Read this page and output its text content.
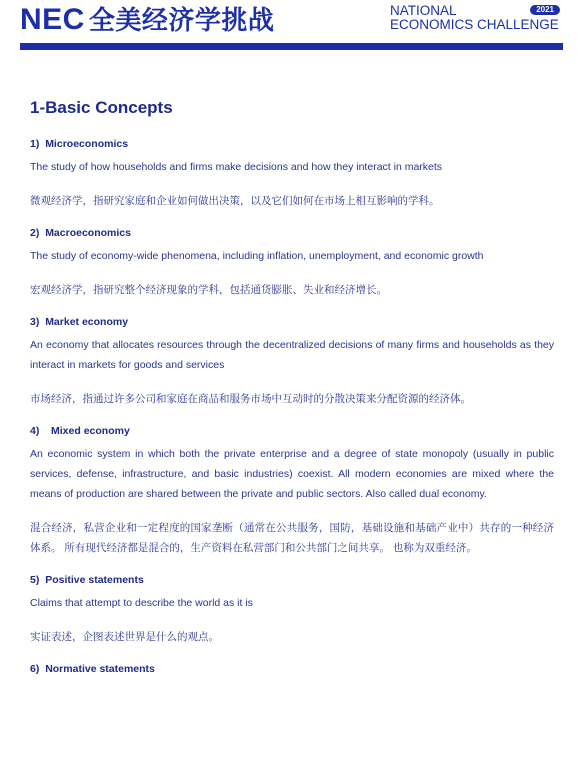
NEC 全美经济学挑战	2021
NATIONAL
ECONOMICS CHALLENGE
1-Basic Concepts
1) Microeconomics

The study of how households and firms make decisions and how they interact in markets

微观经济学，指研究家庭和企业如何做出决策，以及它们如何在市场上相互影响的学科。

2) Macroeconomics

The study of economy-wide phenomena, including inflation, unemployment, and economic growth

宏观经济学，指研究整个经济现象的学科，包括通货膨胀、失业和经济增长。

3) Market economy

An economy that allocates resources through the decentralized decisions of many firms and households as they interact in markets for goods and services

市场经济，指通过许多公司和家庭在商品和服务市场中互动时的分散决策来分配资源的经济体。

4) Mixed economy

An economic system in which both the private enterprise and a degree of state monopoly (usually in public services, defense, infrastructure, and basic industries) coexist. All modern economies are mixed where the means of production are shared between the private and public sectors. Also called dual economy.

混合经济，私营企业和一定程度的国家垄断（通常在公共服务，国防，基础设施和基础产业中）共存的一种经济体系。 所有现代经济都是混合的，生产资料在私营部门和公共部门之间共享。 也称为双重经济。

5) Positive statements

Claims that attempt to describe the world as it is

实证表述，企图表述世界是什么的观点。

6) Normative statements
